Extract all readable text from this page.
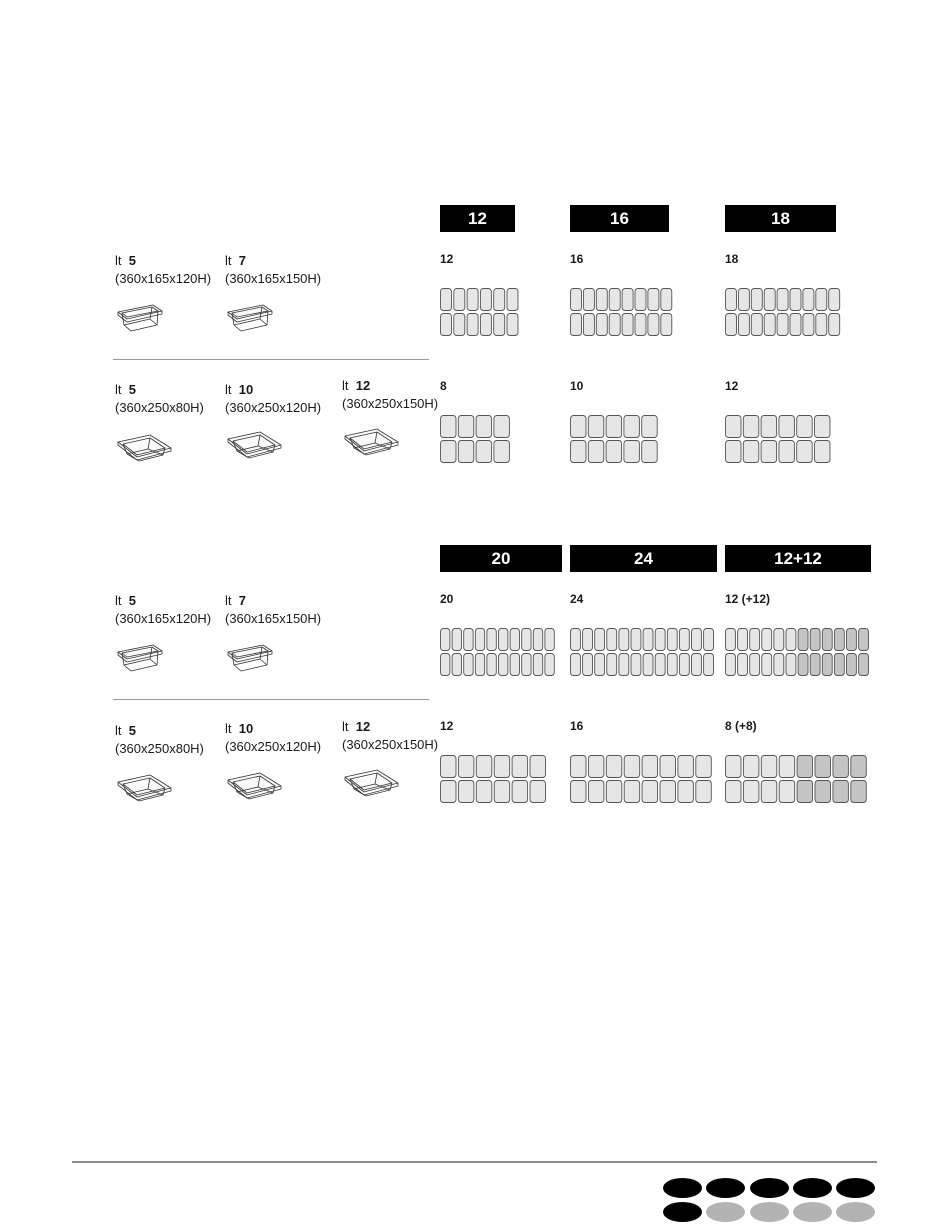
12	16	18
lt 5
(360x165x120H)
lt 7
(360x165x150H)
12	16	18
lt 5
(360x250x80H)
lt 10
(360x250x120H)
lt 12
(360x250x150H)
8	10	12
20	24	12+12
lt 5
(360x165x120H)
lt 7
(360x165x150H)
20	24	12 (+12)
lt 5
(360x250x80H)
lt 10
(360x250x120H)
lt 12
(360x250x150H)
12	16	8 (+8)
